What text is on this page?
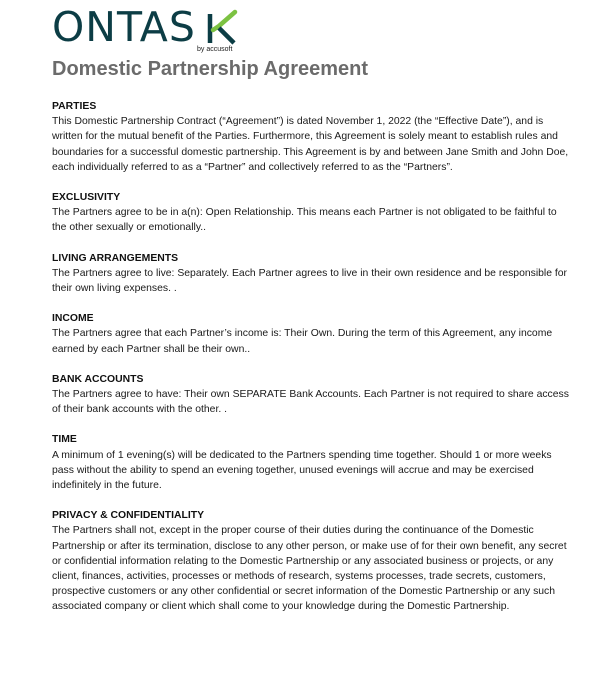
ONTAS by accusoft
Domestic Partnership Agreement
PARTIES

This Domestic Partnership Contract (“Agreement”) is dated November 1, 2022 (the “Effective Date”), and is written for the mutual benefit of the Parties. Furthermore, this Agreement is solely meant to establish rules and boundaries for a successful domestic partnership. This Agreement is by and between Jane Smith and John Doe, each individually referred to as a “Partner” and collectively referred to as the “Partners”.

EXCLUSIVITY

The Partners agree to be in a(n): Open Relationship. This means each Partner is not obligated to be faithful to the other sexually or emotionally..

LIVING ARRANGEMENTS

The Partners agree to live: Separately. Each Partner agrees to live in their own residence and be responsible for their own living expenses. .

INCOME

The Partners agree that each Partner’s income is: Their Own. During the term of this Agreement, any income earned by each Partner shall be their own..

BANK ACCOUNTS

The Partners agree to have: Their own SEPARATE Bank Accounts. Each Partner is not required to share access of their bank accounts with the other. .

TIME

A minimum of 1 evening(s) will be dedicated to the Partners spending time together. Should 1 or more weeks pass without the ability to spend an evening together, unused evenings will accrue and may be exercised indefinitely in the future.

PRIVACY & CONFIDENTIALITY

The Partners shall not, except in the proper course of their duties during the continuance of the Domestic Partnership or after its termination, disclose to any other person, or make use of for their own benefit, any secret or confidential information relating to the Domestic Partnership or any associated business or projects, or any client, finances, activities, processes or methods of research, systems processes, trade secrets, customers, prospective customers or any other confidential or secret information of the Domestic Partnership or any such associated company or client which shall come to your knowledge during the Domestic Partnership.
